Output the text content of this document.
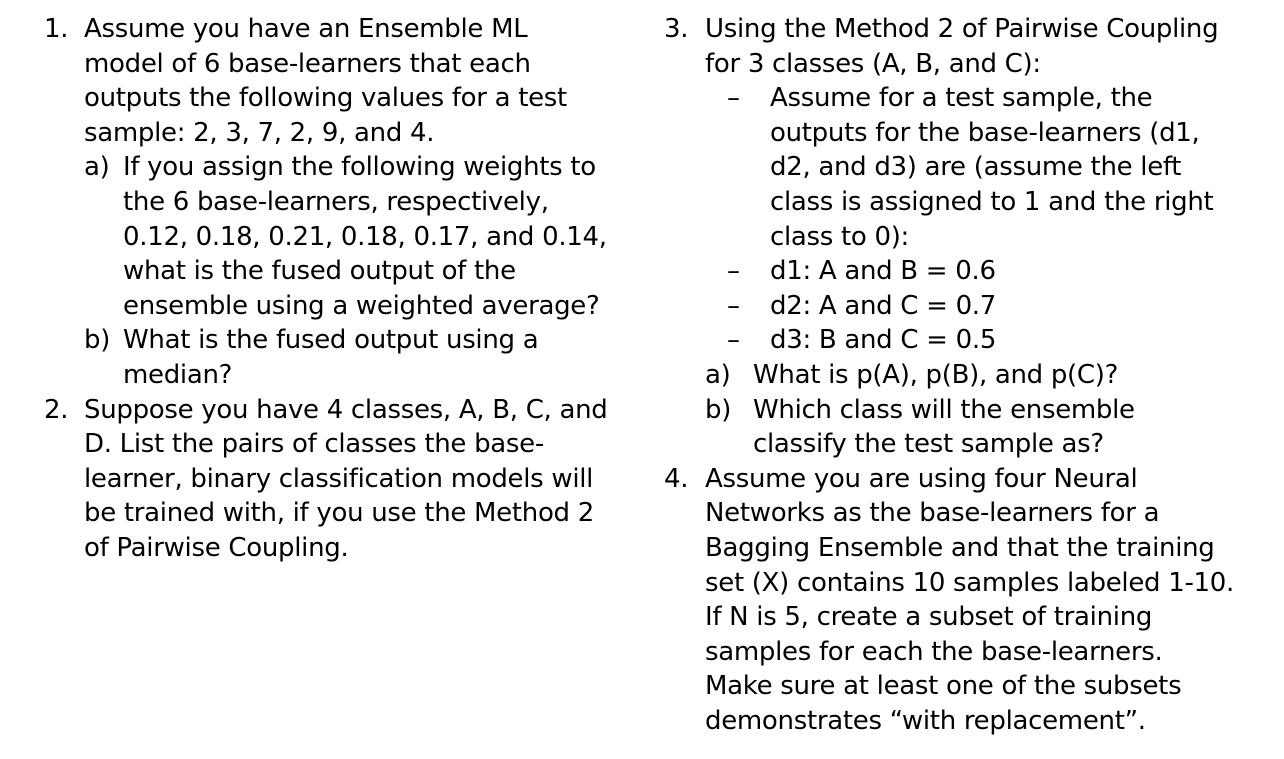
1. Assume you have an Ensemble ML
model of 6 base-learners that each
outputs the following values for a test
sample: 2, 3, 7, 2, 9, and 4.
a) If you assign the following weights to
the 6 base-learners, respectively,
0.12, 0.18, 0.21, 0.18, 0.17, and 0.14,
what is the fused output of the
ensemble using a weighted average?
b) What is the fused output using a
median?
2. Suppose you have 4 classes, A, B, C, and
D. List the pairs of classes the base-
learner, binary classification models will
be trained with, if you use the Method 2
of Pairwise Coupling.
3. Using the Method 2 of Pairwise Coupling
for 3 classes (A, B, and C):
– Assume for a test sample, the
outputs for the base-learners (d1,
d2, and d3) are (assume the left
class is assigned to 1 and the right
class to 0):
– d1: A and B = 0.6
– d2: A and C = 0.7
– d3: B and C = 0.5
a) What is p(A), p(B), and p(C)?
b) Which class will the ensemble
classify the test sample as?
4. Assume you are using four Neural
Networks as the base-learners for a
Bagging Ensemble and that the training
set (X) contains 10 samples labeled 1-10.
If N is 5, create a subset of training
samples for each the base-learners.
Make sure at least one of the subsets
demonstrates “with replacement”.
